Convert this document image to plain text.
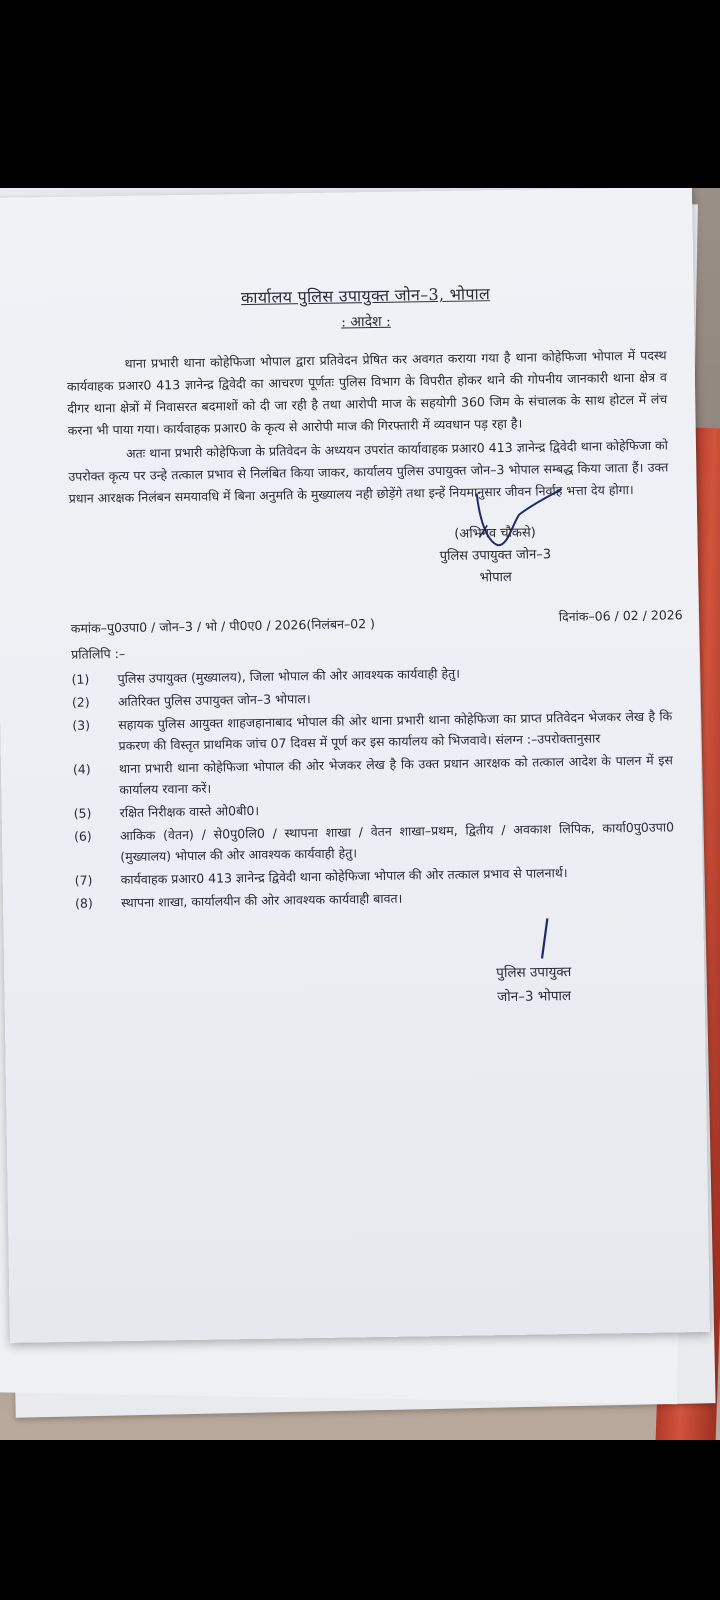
कार्यालय पुलिस उपायुक्त जोन–3, भोपाल
: आदेश :

थाना प्रभारी थाना कोहेफिजा भोपाल द्वारा प्रतिवेदन प्रेषित कर अवगत कराया गया है थाना कोहेफिजा भोपाल में पदस्थ कार्यवाहक प्रआर0 413 ज्ञानेन्द्र द्विवेदी का आचरण पूर्णतः पुलिस विभाग के विपरीत होकर थाने की गोपनीय जानकारी थाना क्षेत्र व दीगर थाना क्षेत्रों में निवासरत बदमाशों को दी जा रही है तथा आरोपी माज के सहयोगी 360 जिम के संचालक के साथ होटल में लंच करना भी पाया गया। कार्यवाहक प्रआर0 के कृत्य से आरोपी माज की गिरफ्तारी में व्यवधान पड़ रहा है।

अतः थाना प्रभारी कोहेफिजा के प्रतिवेदन के अध्ययन उपरांत कार्यावाहक प्रआर0 413 ज्ञानेन्द्र द्विवेदी थाना कोहेफिजा को उपरोक्त कृत्य पर उन्हे तत्काल प्रभाव से निलंबित किया जाकर, कार्यालय पुलिस उपायुक्त जोन–3 भोपाल सम्बद्ध किया जाता हैं। उक्त प्रधान आरक्षक निलंबन समयावधि में बिना अनुमति के मुख्यालय नही छोड़ेंगे तथा इन्हें नियमानुसार जीवन निर्वाह भत्ता देय होगा।

(अभिनव चौकसे)
पुलिस उपायुक्त जोन–3
भोपाल
कमांक–पु0उपा0 / जोन–3 / भो / पी0ए0 / 2026(निलंबन–02 )
दिनांक–06 / 02 / 2026
प्रतिलिपि :–
(1)	पुलिस उपायुक्त (मुख्यालय), जिला भोपाल की ओर आवश्यक कार्यवाही हेतु।
(2)	अतिरिक्त पुलिस उपायुक्त जोन–3 भोपाल।
(3)	सहायक पुलिस आयुक्त शाहजहानाबाद भोपाल की ओर थाना प्रभारी थाना कोहेफिजा का प्राप्त प्रतिवेदन भेजकर लेख है कि प्रकरण की विस्तृत प्राथमिक जांच 07 दिवस में पूर्ण कर इस कार्यालय को भिजवावे। संलग्न :–उपरोक्तानुसार
(4)	थाना प्रभारी थाना कोहेफिजा भोपाल की ओर भेजकर लेख है कि उक्त प्रधान आरक्षक को तत्काल आदेश के पालन में इस कार्यालय रवाना करें।
(5)	रक्षित निरीक्षक वास्ते ओ0बी0।
(6)	आकिक (वेतन) / से0पु0लि0 / स्थापना शाखा / वेतन शाखा–प्रथम, द्वितीय / अवकाश लिपिक, कार्या0पु0उपा0 (मुख्यालय) भोपाल की ओर आवश्यक कार्यवाही हेतु।
(7)	कार्यवाहक प्रआर0 413 ज्ञानेन्द्र द्विवेदी थाना कोहेफिजा भोपाल की ओर तत्काल प्रभाव से पालनार्थ।
(8)	स्थापना शाखा, कार्यालयीन की ओर आवश्यक कार्यवाही बावत।
पुलिस उपायुक्त
जोन–3 भोपाल
